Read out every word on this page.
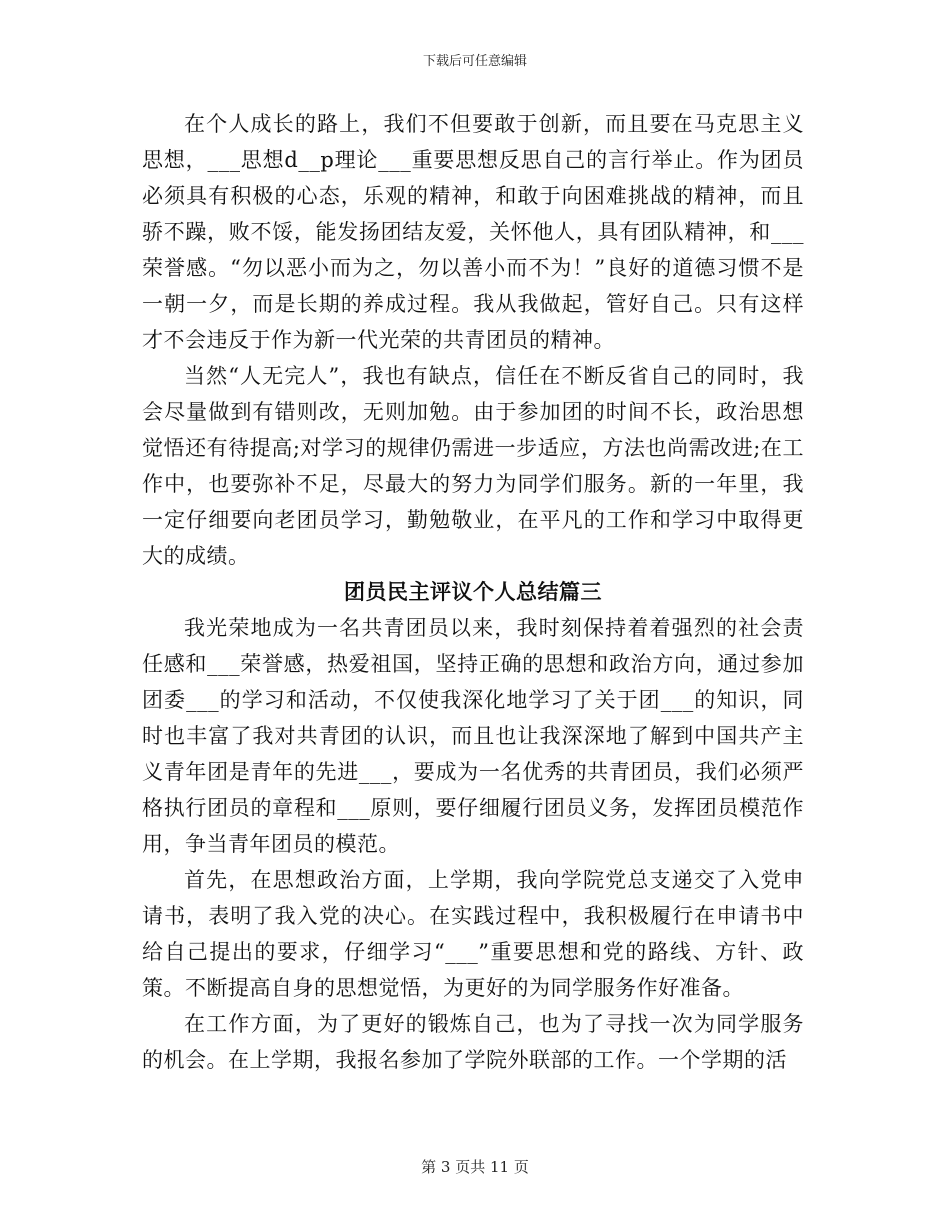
下载后可任意编辑

在个人成长的路上，我们不但要敢于创新，而且要在马克思主义思想，___思想d__p理论___重要思想反思自己的言行举止。作为团员必须具有积极的心态，乐观的精神，和敢于向困难挑战的精神，而且骄不躁，败不馁，能发扬团结友爱，关怀他人，具有团队精神，和___荣誉感。“勿以恶小而为之，勿以善小而不为！”良好的道德习惯不是一朝一夕，而是长期的养成过程。我从我做起，管好自己。只有这样才不会违反于作为新一代光荣的共青团员的精神。

当然“人无完人”，我也有缺点，信任在不断反省自己的同时，我会尽量做到有错则改，无则加勉。由于参加团的时间不长，政治思想觉悟还有待提高;对学习的规律仍需进一步适应，方法也尚需改进;在工作中，也要弥补不足，尽最大的努力为同学们服务。新的一年里，我一定仔细要向老团员学习，勤勉敬业，在平凡的工作和学习中取得更大的成绩。

团员民主评议个人总结篇三

我光荣地成为一名共青团员以来，我时刻保持着着强烈的社会责任感和___荣誉感，热爱祖国，坚持正确的思想和政治方向，通过参加团委___的学习和活动，不仅使我深化地学习了关于团___的知识，同时也丰富了我对共青团的认识，而且也让我深深地了解到中国共产主义青年团是青年的先进___，要成为一名优秀的共青团员，我们必须严格执行团员的章程和___原则，要仔细履行团员义务，发挥团员模范作用，争当青年团员的模范。

首先，在思想政治方面，上学期，我向学院党总支递交了入党申请书，表明了我入党的决心。在实践过程中，我积极履行在申请书中给自己提出的要求，仔细学习“___”重要思想和党的路线、方针、政策。不断提高自身的思想觉悟，为更好的为同学服务作好准备。

在工作方面，为了更好的锻炼自己，也为了寻找一次为同学服务的机会。在上学期，我报名参加了学院外联部的工作。一个学期的活

第 3 页共 11 页
